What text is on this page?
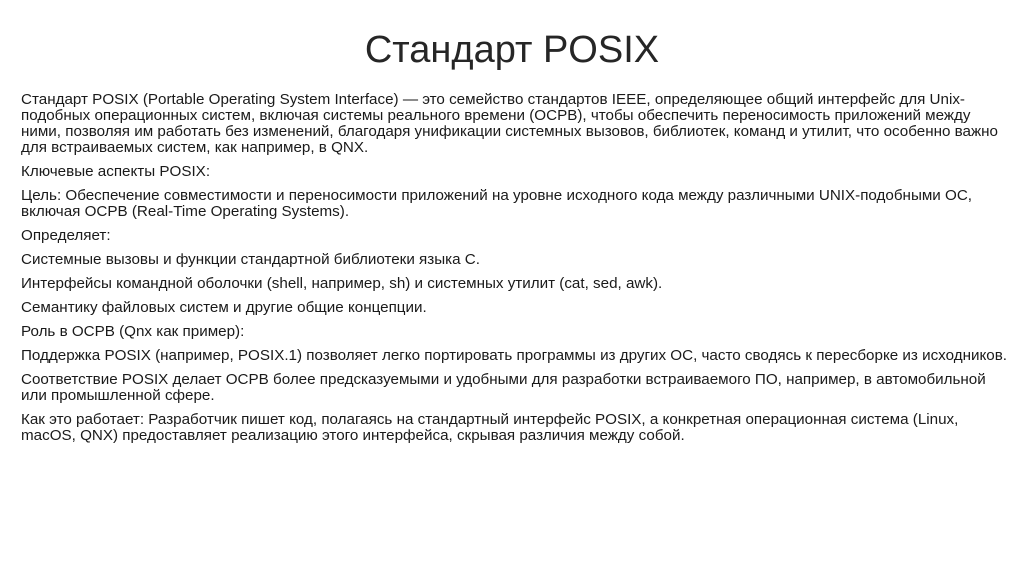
Стандарт POSIX

Стандарт POSIX (Portable Operating System Interface) — это семейство стандартов IEEE, определяющее общий интерфейс для Unix-подобных операционных систем, включая системы реального времени (ОСРВ), чтобы обеспечить переносимость приложений между ними, позволяя им работать без изменений, благодаря унификации системных вызовов, библиотек, команд и утилит, что особенно важно для встраиваемых систем, как например, в QNX.

Ключевые аспекты POSIX:

Цель: Обеспечение совместимости и переносимости приложений на уровне исходного кода между различными UNIX-подобными ОС, включая ОСРВ (Real-Time Operating Systems).

Определяет:

Системные вызовы и функции стандартной библиотеки языка C.

Интерфейсы командной оболочки (shell, например, sh) и системных утилит (cat, sed, awk).

Семантику файловых систем и другие общие концепции.

Роль в ОСРВ (Qnx как пример):

Поддержка POSIX (например, POSIX.1) позволяет легко портировать программы из других ОС, часто сводясь к пересборке из исходников.

Соответствие POSIX делает ОСРВ более предсказуемыми и удобными для разработки встраиваемого ПО, например, в автомобильной или промышленной сфере.

Как это работает: Разработчик пишет код, полагаясь на стандартный интерфейс POSIX, а конкретная операционная система (Linux, macOS, QNX) предоставляет реализацию этого интерфейса, скрывая различия между собой.
